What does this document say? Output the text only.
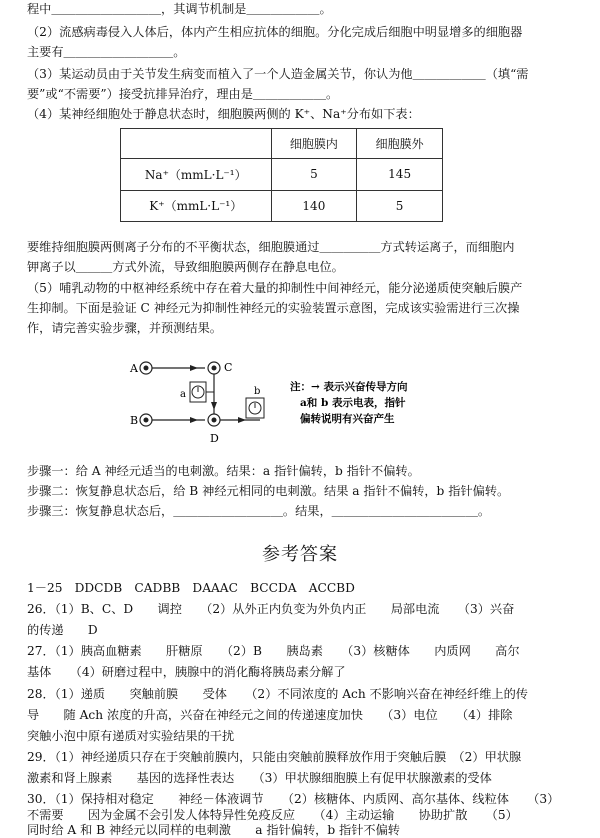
程中＿＿＿＿＿＿＿＿＿，其调节机制是＿＿＿＿＿＿。
（2）流感病毒侵入人体后，体内产生相应抗体的细胞。分化完成后细胞中明显增多的细胞器
主要有＿＿＿＿＿＿＿＿＿。
（3）某运动员由于关节发生病变而植入了一个人造金属关节，你认为他＿＿＿＿＿＿（填“需
要”或“不需要”）接受抗排异治疗，理由是＿＿＿＿＿＿。
（4）某神经细胞处于静息状态时，细胞膜两侧的 K⁺、Na⁺分布如下表：
	细胞膜内	细胞膜外
Na⁺（mmL·L⁻¹）	5	145
K⁺（mmL·L⁻¹）	140	5
要维持细胞膜两侧离子分布的不平衡状态，细胞膜通过＿＿＿＿＿方式转运离子，而细胞内
钾离子以＿＿＿方式外流，导致细胞膜两侧存在静息电位。
（5）哺乳动物的中枢神经系统中存在着大量的抑制性中间神经元，能分泌递质使突触后膜产
生抑制。下面是验证 C 神经元为抑制性神经元的实验装置示意图，完成该实验需进行三次操
作，请完善实验步骤，并预测结果。
A	C
a
B
D
b	注：→ 表示兴奋传导方向
a和 b 表示电表，指针
偏转说明有兴奋产生
步骤一：给 A 神经元适当的电刺激。结果：a 指针偏转，b 指针不偏转。
步骤二：恢复静息状态后，给 B 神经元相同的电刺激。结果 a 指针不偏转，b 指针偏转。
步骤三：恢复静息状态后，＿＿＿＿＿＿＿＿＿。结果，＿＿＿＿＿＿＿＿＿＿＿＿。
参考答案
1－25　DDCDB　CADBB　DAAAC　BCCDA　ACCBD
26．（1）B、C、D　　调控　　（2）从外正内负变为外负内正　　局部电流　　（3）兴奋
的传递　　D
27．（1）胰高血糖素　　肝糖原　　（2）B　　胰岛素　　（3）核糖体　　内质网　　高尔
基体　　（4）研磨过程中，胰腺中的消化酶将胰岛素分解了
28．（1）递质　　突触前膜　　受体　　（2）不同浓度的 Ach 不影响兴奋在神经纤维上的传
导　　随 Ach 浓度的升高，兴奋在神经元之间的传递速度加快　　（3）电位　　（4）排除
突触小泡中原有递质对实验结果的干扰
29．（1）神经递质只存在于突触前膜内，只能由突触前膜释放作用于突触后膜　（2）甲状腺
激素和肾上腺素　　基因的选择性表达　　（3）甲状腺细胞膜上有促甲状腺激素的受体
30．（1）保持相对稳定　　神经－体液调节　　（2）核糖体、内质网、高尔基体、线粒体　　（3）
不需要　　因为金属不会引发人体特异性免疫反应　　（4）主动运输　　协助扩散　　（5）
同时给 A 和 B 神经元以同样的电刺激　　a 指针偏转，b 指针不偏转
